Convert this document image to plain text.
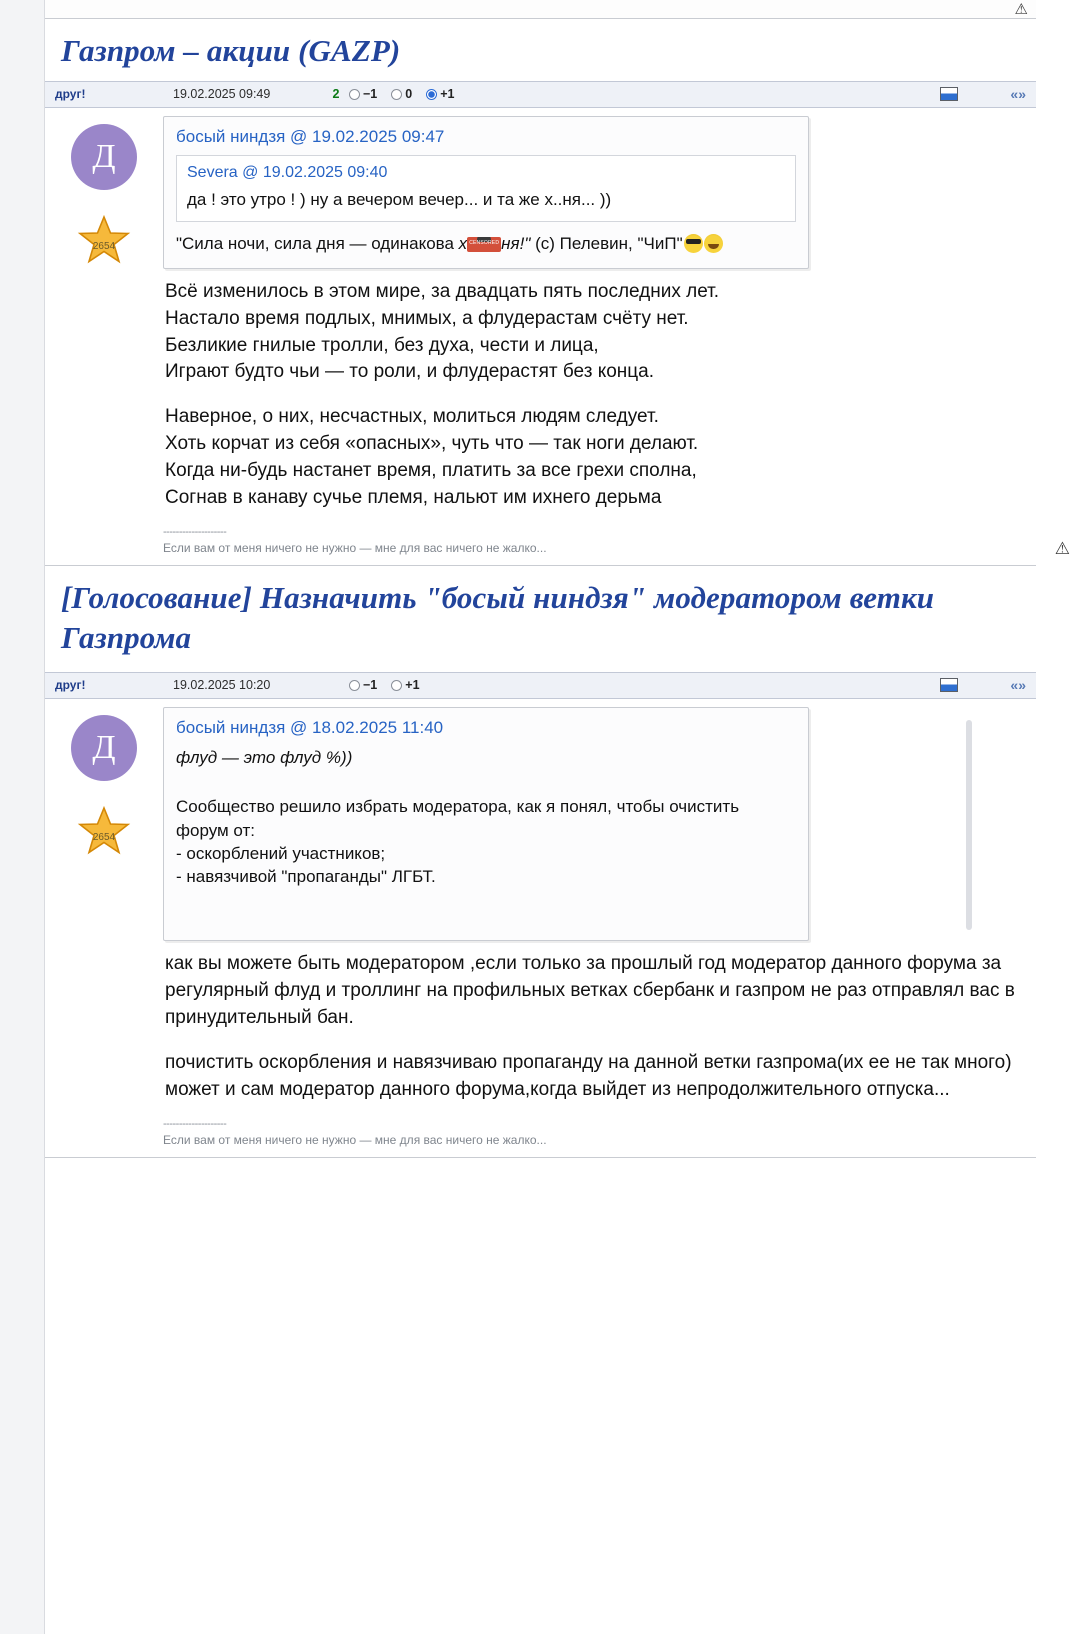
⚠
Газпром – акции (GAZP)
друг!	19.02.2025 09:49	2	−1 0 +1	«»
Д
2654
босый ниндзя @ 19.02.2025 09:47
Severa @ 19.02.2025 09:40
да ! это утро ! ) ну а вечером вечер... и та же х..ня... ))
"Сила ночи, сила дня — одинакова х CENSORED ня!" (с) Пелевин, "ЧиП"
Всё изменилось в этом мире, за двадцать пять последних лет.
Настало время подлых, мнимых, а флудерастам счёту нет.
Безликие гнилые тролли, без духа, чести и лица,
Играют будто чьи — то роли, и флудерастят без конца.
Наверное, о них, несчастных, молиться людям следует.
Хоть корчат из себя «опасных», чуть что — так ноги делают.
Когда ни-будь настанет время, платить за все грехи сполна,
Согнав в канаву сучье племя, нальют им ихнего дерьма
--------------------
Если вам от меня ничего не нужно — мне для вас ничего не жалко...	⚠
[Голосование] Назначить "босый ниндзя" модератором ветки Газпрома
друг!	19.02.2025 10:20	−1 +1	«»
Д
2654
босый ниндзя @ 18.02.2025 11:40
флуд — это флуд %))
Сообщество решило избрать модератора, как я понял, чтобы очистить форум от:
- оскорблений участников;
- навязчивой "пропаганды" ЛГБТ.
как вы можете быть модератором ,если только за прошлый год модератор данного форума за регулярный флуд и троллинг на профильных ветках сбербанк и газпром не раз отправлял вас в принудительный бан.
почистить оскорбления и навязчиваю пропаганду на данной ветки газпрома(их ее не так много) может и сам модератор данного форума,когда выйдет из непродолжительного отпуска...
--------------------
Если вам от меня ничего не нужно — мне для вас ничего не жалко...
